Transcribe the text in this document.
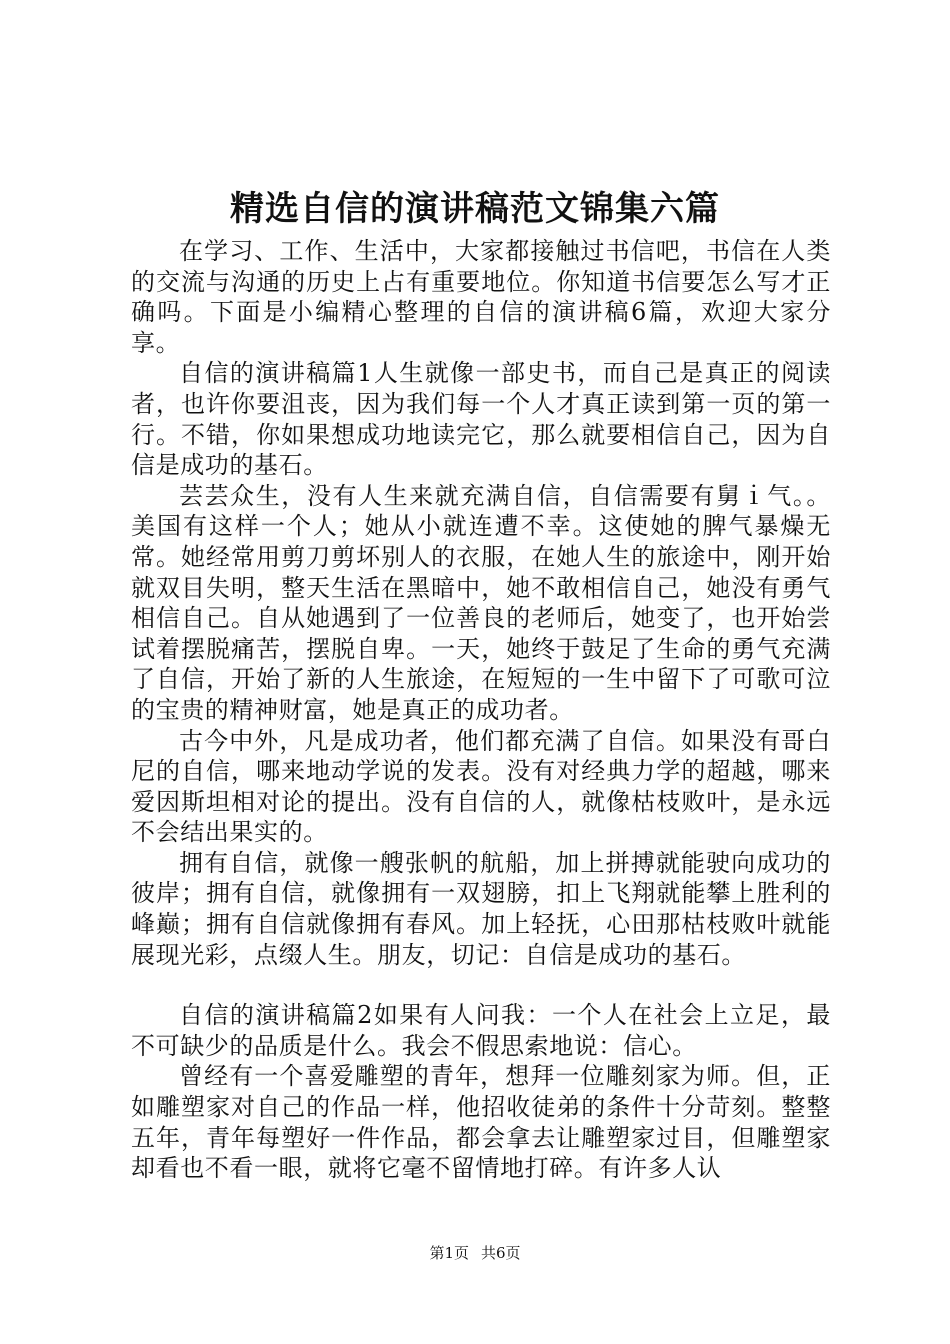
精选自信的演讲稿范文锦集六篇

在学习、工作、生活中，大家都接触过书信吧，书信在人类的交流与沟通的历史上占有重要地位。你知道书信要怎么写才正确吗。下面是小编精心整理的自信的演讲稿6篇，欢迎大家分享。

自信的演讲稿篇1人生就像一部史书，而自己是真正的阅读者，也许你要沮丧，因为我们每一个人才真正读到第一页的第一行。不错，你如果想成功地读完它，那么就要相信自己，因为自信是成功的基石。

芸芸众生，没有人生来就充满自信，自信需要有舅ｉ气。。美国有这样一个人；她从小就连遭不幸。这使她的脾气暴燥无常。她经常用剪刀剪坏别人的衣服，在她人生的旅途中，刚开始就双目失明，整天生活在黑暗中，她不敢相信自己，她没有勇气相信自己。自从她遇到了一位善良的老师后，她变了，也开始尝试着摆脱痛苦，摆脱自卑。一天，她终于鼓足了生命的勇气充满了自信，开始了新的人生旅途，在短短的一生中留下了可歌可泣的宝贵的精神财富，她是真正的成功者。

古今中外，凡是成功者，他们都充满了自信。如果没有哥白尼的自信，哪来地动学说的发表。没有对经典力学的超越，哪来爱因斯坦相对论的提出。没有自信的人，就像枯枝败叶，是永远不会结出果实的。

拥有自信，就像一艘张帆的航船，加上拼搏就能驶向成功的彼岸；拥有自信，就像拥有一双翅膀，扣上飞翔就能攀上胜利的峰巅；拥有自信就像拥有春风。加上轻抚，心田那枯枝败叶就能展现光彩，点缀人生。朋友，切记：自信是成功的基石。

自信的演讲稿篇2如果有人问我：一个人在社会上立足，最不可缺少的品质是什么。我会不假思索地说：信心。

曾经有一个喜爱雕塑的青年，想拜一位雕刻家为师。但，正如雕塑家对自己的作品一样，他招收徒弟的条件十分苛刻。整整五年，青年每塑好一件作品，都会拿去让雕塑家过目，但雕塑家却看也不看一眼，就将它毫不留情地打碎。有许多人认

第1页 共6页
